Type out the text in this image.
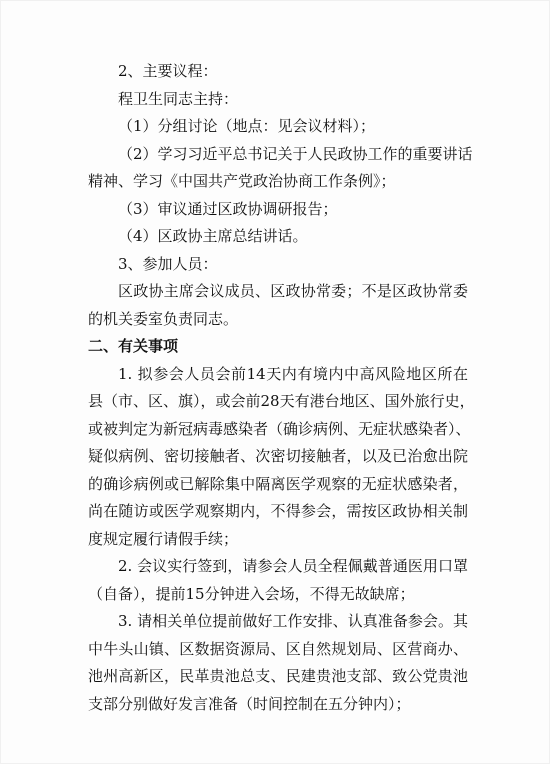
2、主要议程：
程卫生同志主持：
（1）分组讨论（地点：见会议材料）；
（2）学习习近平总书记关于人民政协工作的重要讲话
精神、学习《中国共产党政治协商工作条例》；
（3）审议通过区政协调研报告；
（4）区政协主席总结讲话。
3、参加人员：
区政协主席会议成员、区政协常委；不是区政协常委
的机关委室负责同志。
二、有关事项
1. 拟参会人员会前14天内有境内中高风险地区所在
县（市、区、旗），或会前28天有港台地区、国外旅行史，
或被判定为新冠病毒感染者（确诊病例、无症状感染者）、
疑似病例、密切接触者、次密切接触者，以及已治愈出院
的确诊病例或已解除集中隔离医学观察的无症状感染者，
尚在随访或医学观察期内，不得参会，需按区政协相关制
度规定履行请假手续；
2. 会议实行签到，请参会人员全程佩戴普通医用口罩
（自备），提前15分钟进入会场，不得无故缺席；
3. 请相关单位提前做好工作安排、认真准备参会。其
中牛头山镇、区数据资源局、区自然规划局、区营商办、
池州高新区，民革贵池总支、民建贵池支部、致公党贵池
支部分别做好发言准备（时间控制在五分钟内）；
